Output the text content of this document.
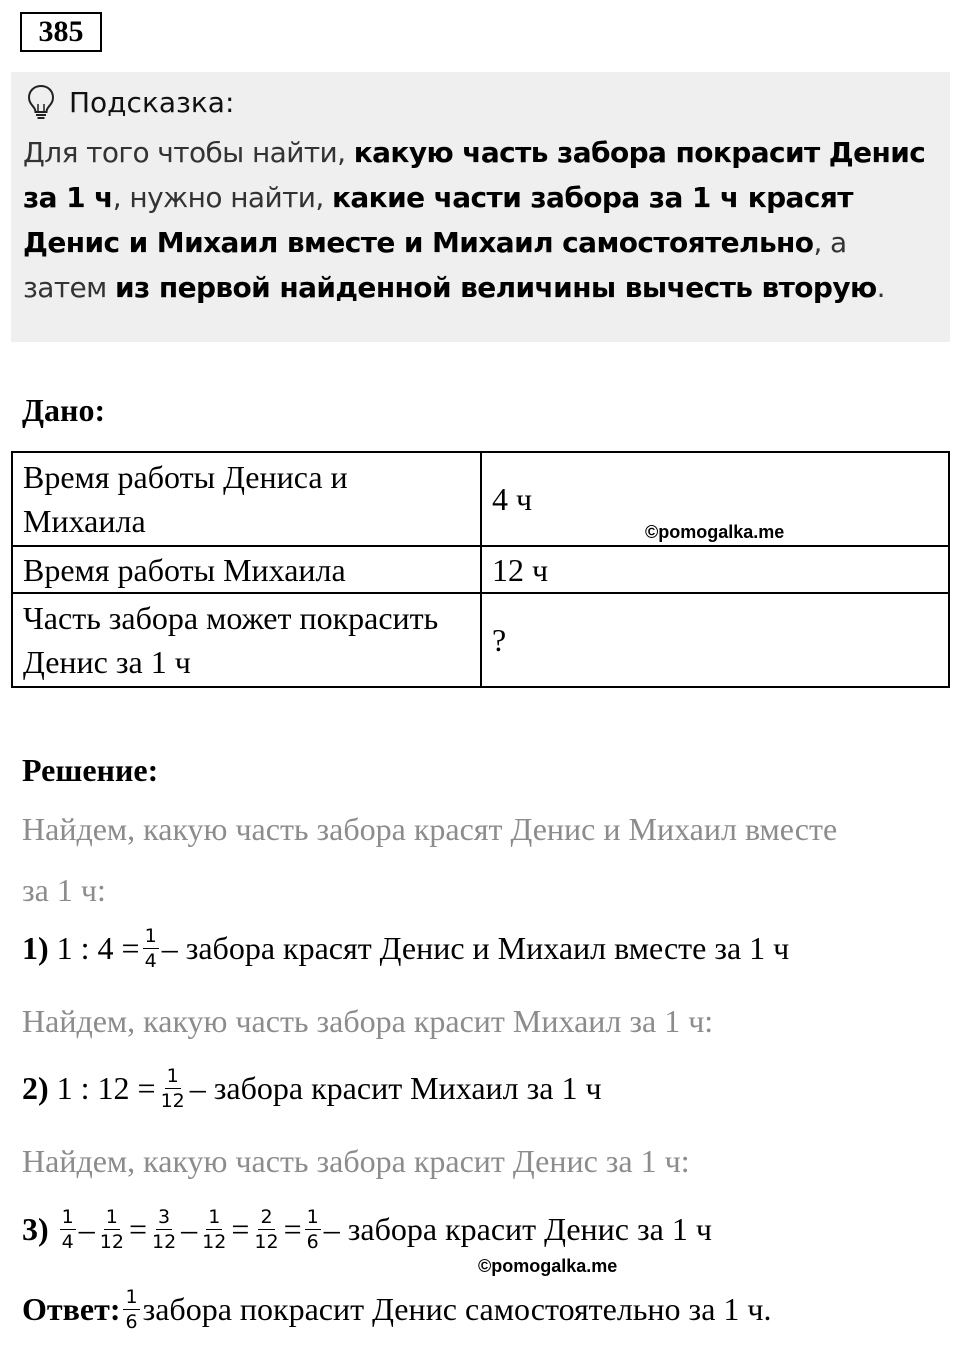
385
Подсказка:
Для того чтобы найти, какую часть забора покрасит Денис за 1 ч, нужно найти, какие части забора за 1 ч красят Денис и Михаил вместе и Михаил самостоятельно, а затем из первой найденной величины вычесть вторую.
Дано:
Время работы Дениса и Михаила	4 ч
Время работы Михаила	12 ч
Часть забора может покрасить Денис за 1 ч	?
©pomogalka.me
Решение:
Найдем, какую часть забора красят Денис и Михаил вместе
за 1 ч:
1)
1 : $4 = \frac{1}{4}$ – забора красят Денис и Михаил вместе за 1 ч
Найдем, какую часть забора красит Михаил за 1 ч:
2)
1 : $12 = \frac{1}{12}$ – забора красит Михаил за 1 ч
Найдем, какую часть забора красит Денис за 1 ч:
3)
$\frac{1}{4} - \frac{1}{12} = \frac{3}{12} - \frac{1}{12} = \frac{2}{12} = \frac{1}{6}$ – забора красит Денис за 1 ч
©pomogalka.me
Ответ: $\frac{1}{6}$ забора покрасит Денис самостоятельно за 1 ч.
